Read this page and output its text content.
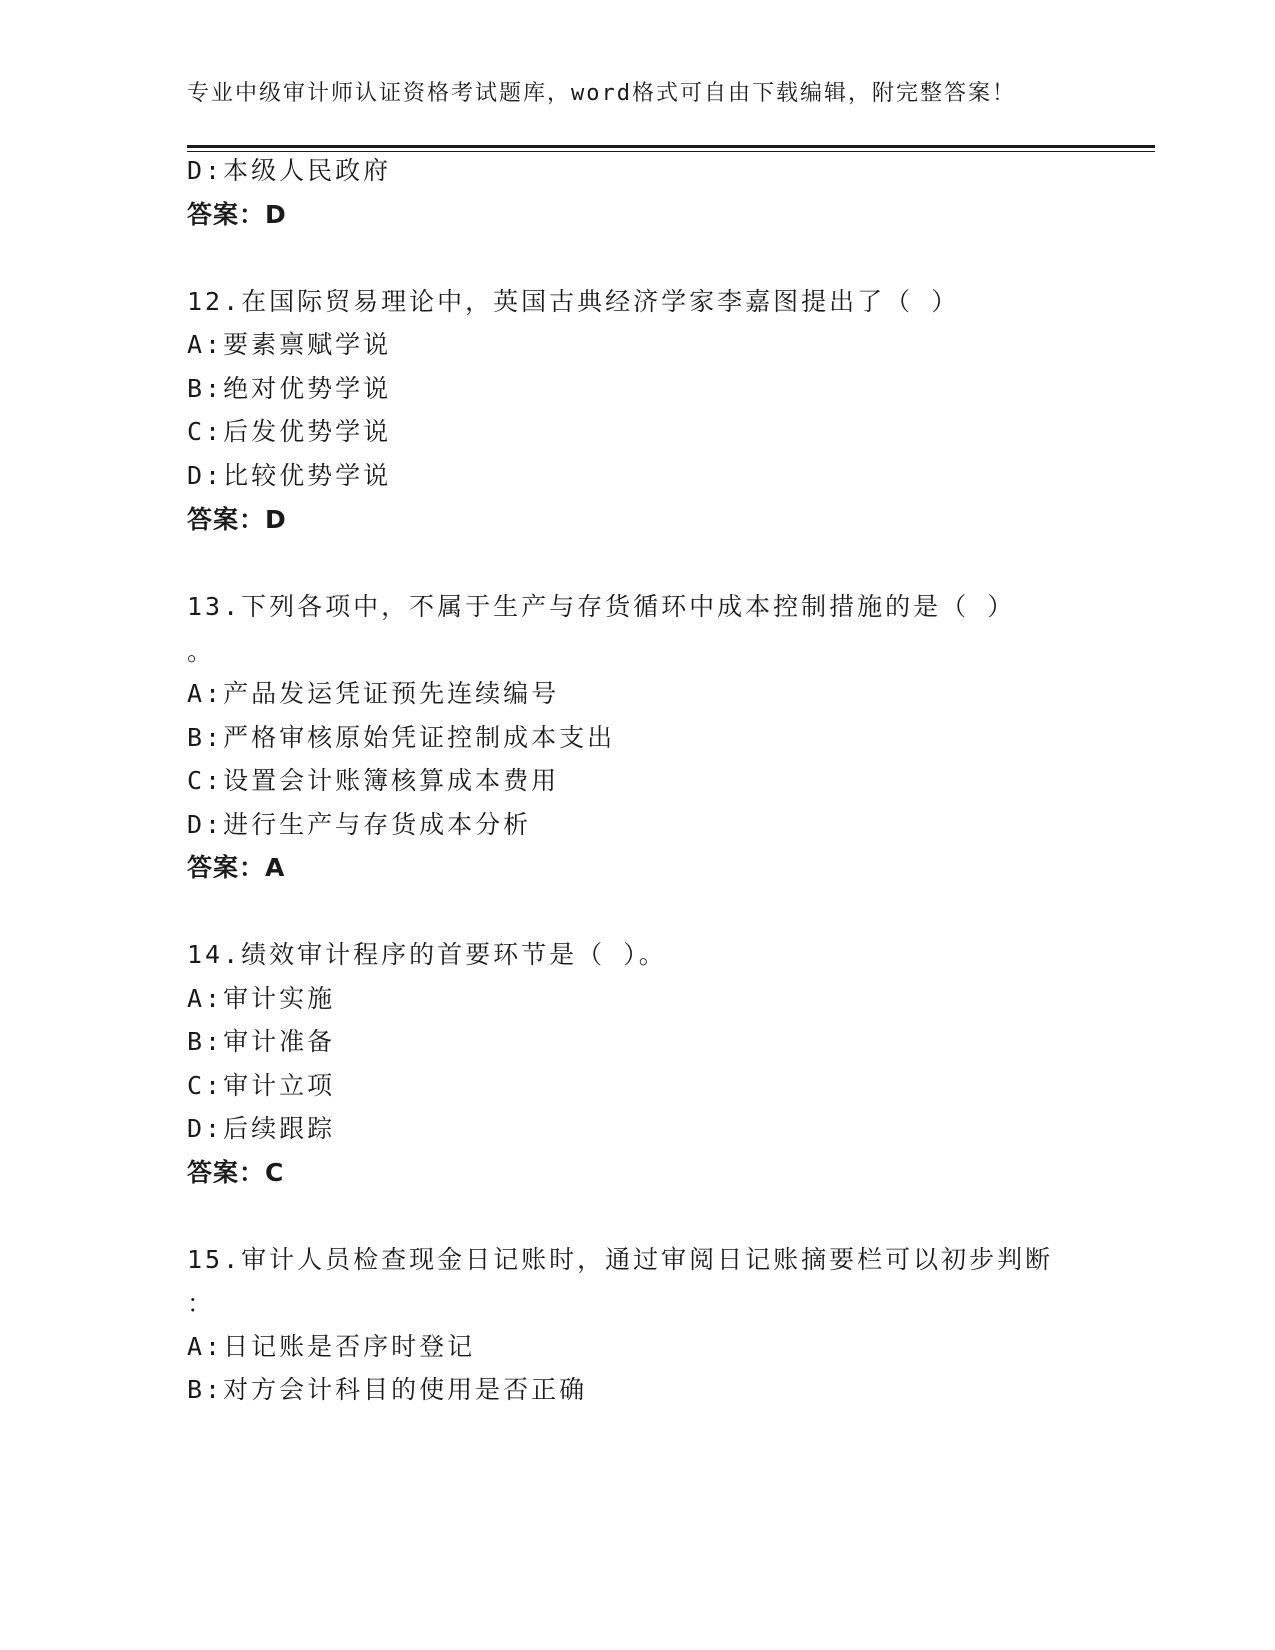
专业中级审计师认证资格考试题库，word格式可自由下载编辑，附完整答案！
D:本级人民政府
答案：D
12.在国际贸易理论中，英国古典经济学家李嘉图提出了（ ）
A:要素禀赋学说
B:绝对优势学说
C:后发优势学说
D:比较优势学说
答案：D
13.下列各项中，不属于生产与存货循环中成本控制措施的是（ ）
。
A:产品发运凭证预先连续编号
B:严格审核原始凭证控制成本支出
C:设置会计账簿核算成本费用
D:进行生产与存货成本分析
答案：A
14.绩效审计程序的首要环节是（ ）。
A:审计实施
B:审计准备
C:审计立项
D:后续跟踪
答案：C
15.审计人员检查现金日记账时，通过审阅日记账摘要栏可以初步判断
：
A:日记账是否序时登记
B:对方会计科目的使用是否正确
